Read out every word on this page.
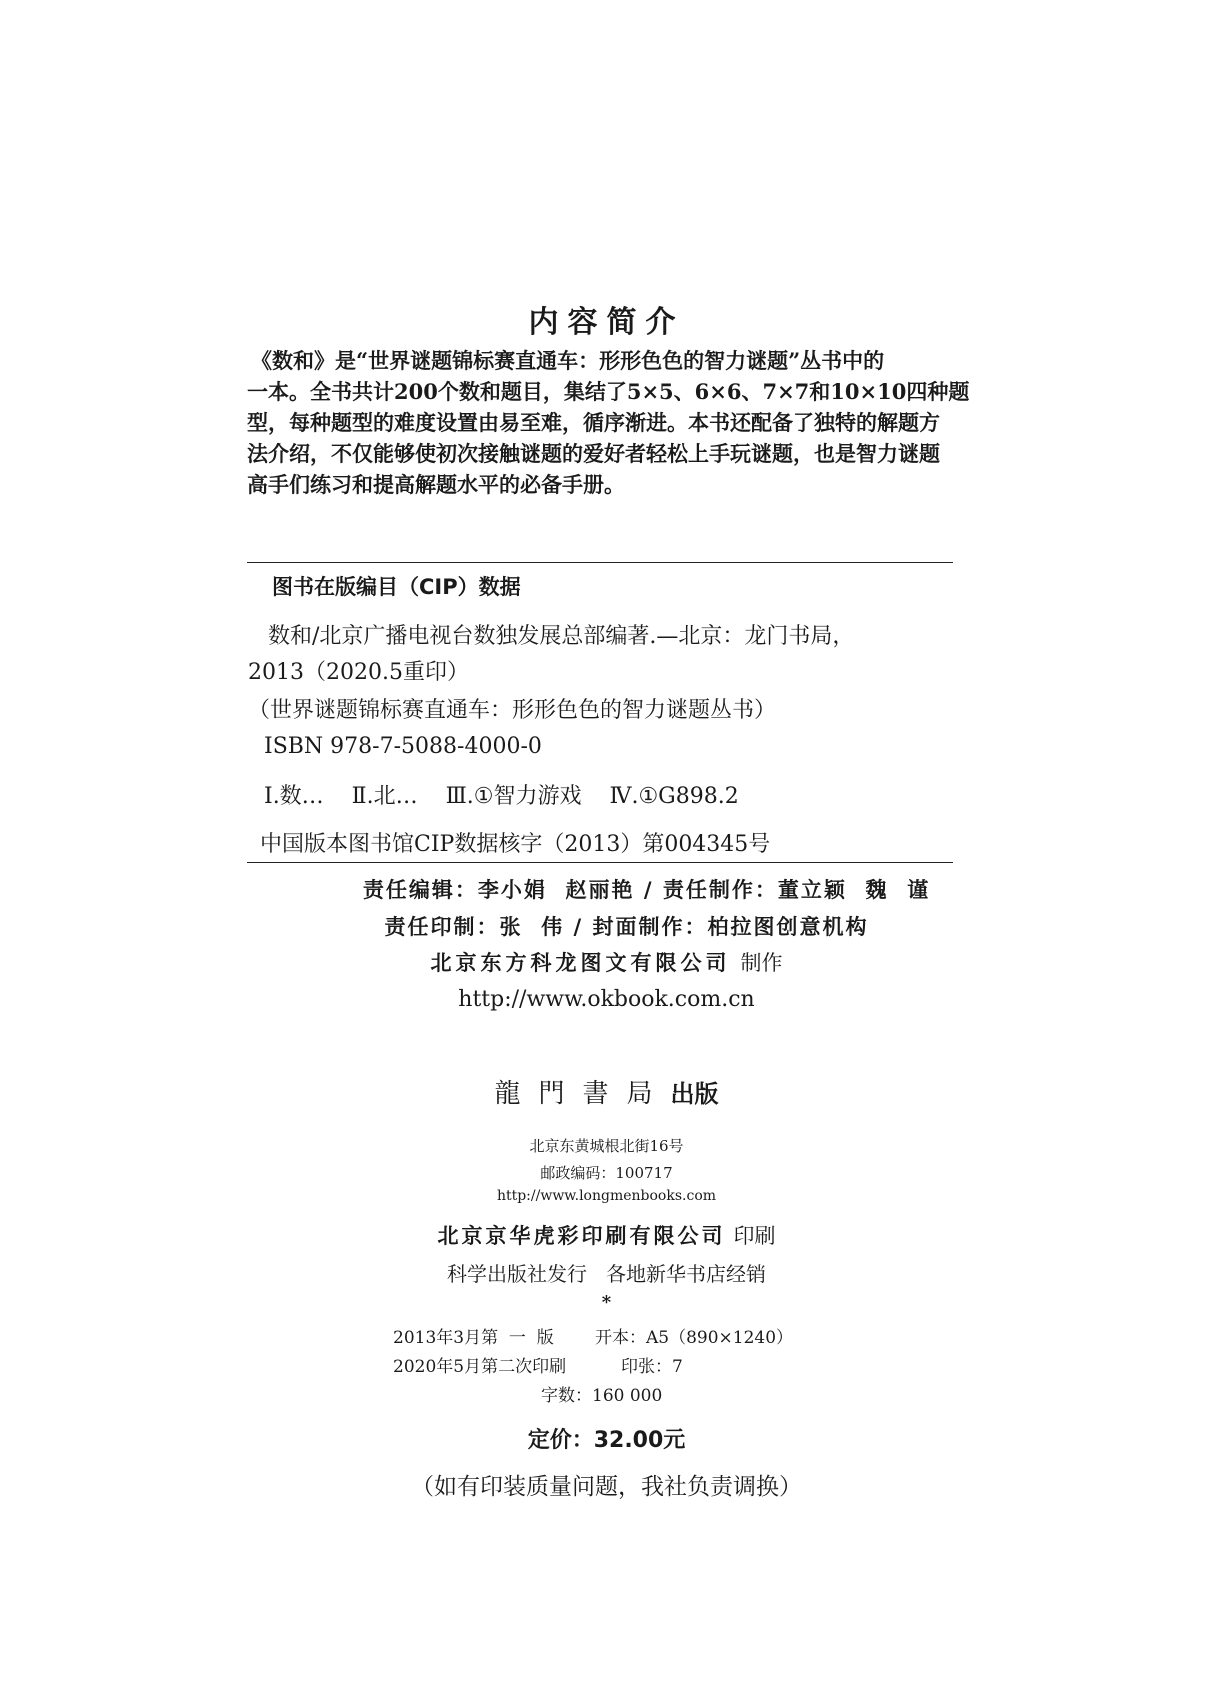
内容简介
《数和》是“世界谜题锦标赛直通车：形形色色的智力谜题”丛书中的
一本。全书共计200个数和题目，集结了5×5、6×6、7×7和10×10四种题
型，每种题型的难度设置由易至难，循序渐进。本书还配备了独特的解题方
法介绍，不仅能够使初次接触谜题的爱好者轻松上手玩谜题，也是智力谜题
高手们练习和提高解题水平的必备手册。
图书在版编目（CIP）数据
数和/北京广播电视台数独发展总部编著.—北京：龙门书局，
2013（2020.5重印）
（世界谜题锦标赛直通车：形形色色的智力谜题丛书）
ISBN 978-7-5088-4000-0
Ⅰ.数…    Ⅱ.北…    Ⅲ.①智力游戏    Ⅳ.①G898.2
中国版本图书馆CIP数据核字（2013）第004345号
责任编辑：李小娟  赵丽艳 / 责任制作：董立颖  魏  谨
责任印制：张  伟 / 封面制作：柏拉图创意机构
北京东方科龙图文有限公司 制作
http://www.okbook.com.cn
龍門書局出版
北京东黄城根北街16号
邮政编码：100717
http://www.longmenbooks.com
北京京华虎彩印刷有限公司 印刷
科学出版社发行   各地新华书店经销
*
2013年3月第  一  版 开本：A5（890×1240）
2020年5月第二次印刷	印张：7
字数：160 000
定价：32.00元
（如有印装质量问题，我社负责调换）
